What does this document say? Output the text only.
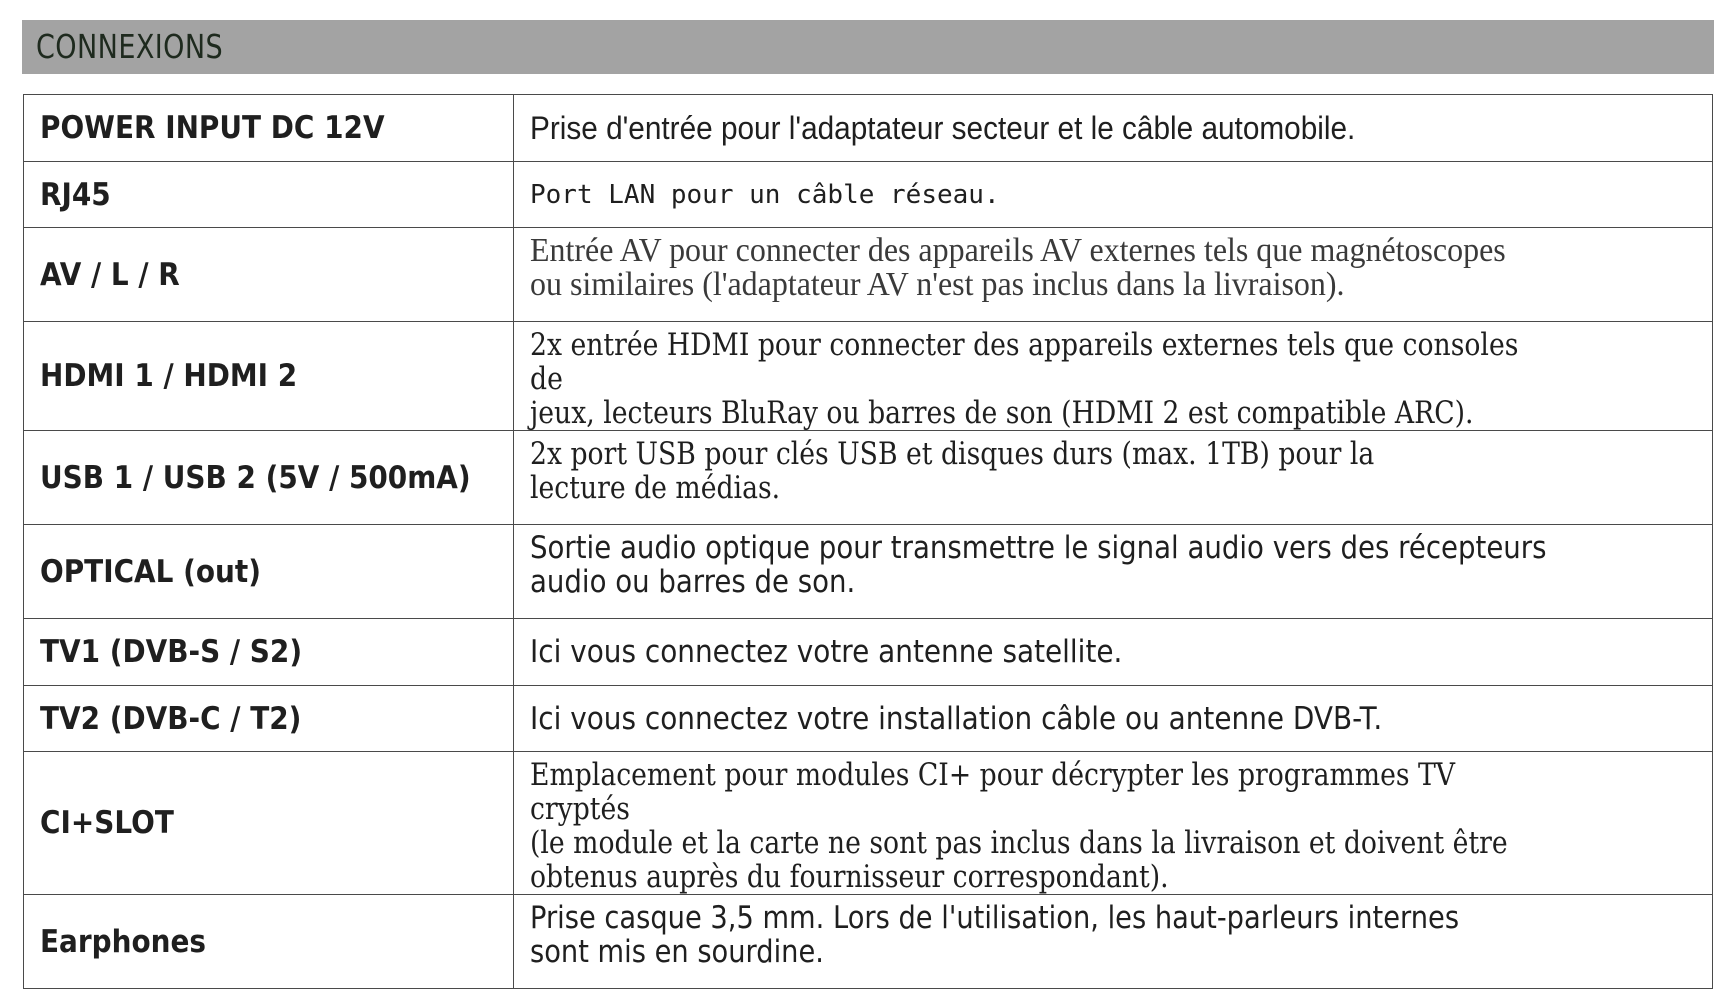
CONNEXIONS
POWER INPUT DC 12V	Prise d'entrée pour l'adaptateur secteur et le câble automobile.
RJ45	Port LAN pour un câble réseau.
AV / L / R	Entrée AV pour connecter des appareils AV externes tels que magnétoscopes
ou similaires (l'adaptateur AV n'est pas inclus dans la livraison).

HDMI 1 / HDMI 2	2x entrée HDMI pour connecter des appareils externes tels que consoles de
jeux, lecteurs BluRay ou barres de son (HDMI 2 est compatible ARC).

USB 1 / USB 2 (5V / 500mA)	2x port USB pour clés USB et disques durs (max. 1TB) pour la
lecture de médias.

OPTICAL (out)	Sortie audio optique pour transmettre le signal audio vers des récepteurs
audio ou barres de son.

TV1 (DVB-S / S2)	Ici vous connectez votre antenne satellite.
TV2 (DVB-C / T2)	Ici vous connectez votre installation câble ou antenne DVB-T.
CI+SLOT	Emplacement pour modules CI+ pour décrypter les programmes TV cryptés
(le module et la carte ne sont pas inclus dans la livraison et doivent être
obtenus auprès du fournisseur correspondant).

Earphones	Prise casque 3,5 mm. Lors de l'utilisation, les haut-parleurs internes
sont mis en sourdine.
